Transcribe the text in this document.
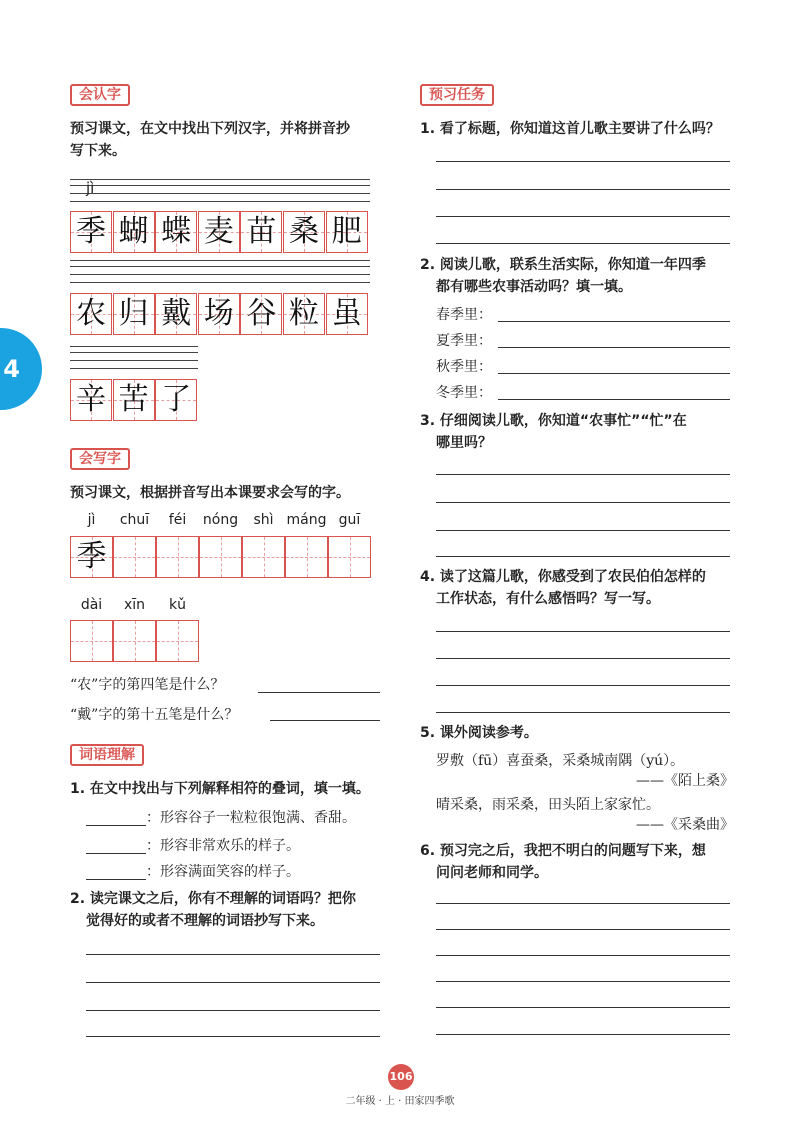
4
会认字
预习课文，在文中找出下列汉字，并将拼音抄
写下来。
jì
季 蝴 蝶 麦 苗 桑 肥
农 归 戴 场 谷 粒 虽
辛 苦 了
会写字
预习课文，根据拼音写出本课要求会写的字。
jì	chuī	féi	nóng	shì máng guī
季
dài	xīn	kǔ
“农”字的第四笔是什么？
“戴”字的第十五笔是什么？
词语理解
1. 在文中找出与下列解释相符的叠词，填一填。
：形容谷子一粒粒很饱满、香甜。
：形容非常欢乐的样子。
：形容满面笑容的样子。
2. 读完课文之后，你有不理解的词语吗？把你
觉得好的或者不理解的词语抄写下来。
预习任务
1. 看了标题，你知道这首儿歌主要讲了什么吗？
2. 阅读儿歌，联系生活实际，你知道一年四季
都有哪些农事活动吗？填一填。
春季里：
夏季里：
秋季里：
冬季里：
3. 仔细阅读儿歌，你知道“农事忙”“忙”在
哪里吗？
4. 读了这篇儿歌，你感受到了农民伯伯怎样的
工作状态，有什么感悟吗？写一写。
5. 课外阅读参考。
罗敷（fū）喜蚕桑，采桑城南隅（yú）。
——《陌上桑》
晴采桑，雨采桑，田头陌上家家忙。
——《采桑曲》
6. 预习完之后，我把不明白的问题写下来，想
问问老师和同学。
106
二年级 · 上 · 田家四季歌
